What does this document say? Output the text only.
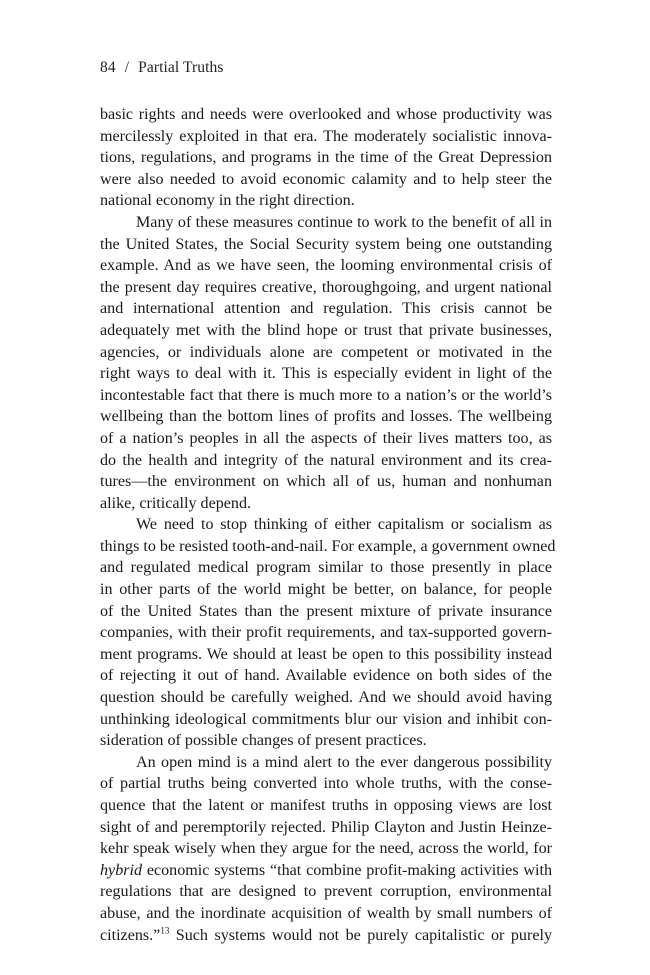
84 / Partial Truths
basic rights and needs were overlooked and whose productivity was
mercilessly exploited in that era. The moderately socialistic innova-
tions, regulations, and programs in the time of the Great Depression
were also needed to avoid economic calamity and to help steer the
national economy in the right direction.
Many of these measures continue to work to the benefit of all in
the United States, the Social Security system being one outstanding
example. And as we have seen, the looming environmental crisis of
the present day requires creative, thoroughgoing, and urgent national
and international attention and regulation. This crisis cannot be
adequately met with the blind hope or trust that private businesses,
agencies, or individuals alone are competent or motivated in the
right ways to deal with it. This is especially evident in light of the
incontestable fact that there is much more to a nation’s or the world’s
wellbeing than the bottom lines of profits and losses. The wellbeing
of a nation’s peoples in all the aspects of their lives matters too, as
do the health and integrity of the natural environment and its crea-
tures—the environment on which all of us, human and nonhuman
alike, critically depend.
We need to stop thinking of either capitalism or socialism as
things to be resisted tooth-and-nail. For example, a government owned
and regulated medical program similar to those presently in place
in other parts of the world might be better, on balance, for people
of the United States than the present mixture of private insurance
companies, with their profit requirements, and tax-supported govern-
ment programs. We should at least be open to this possibility instead
of rejecting it out of hand. Available evidence on both sides of the
question should be carefully weighed. And we should avoid having
unthinking ideological commitments blur our vision and inhibit con-
sideration of possible changes of present practices.
An open mind is a mind alert to the ever dangerous possibility
of partial truths being converted into whole truths, with the conse-
quence that the latent or manifest truths in opposing views are lost
sight of and peremptorily rejected. Philip Clayton and Justin Heinze-
kehr speak wisely when they argue for the need, across the world, for
hybrid economic systems “that combine profit-making activities with
regulations that are designed to prevent corruption, environmental
abuse, and the inordinate acquisition of wealth by small numbers of
citizens.”$^{13}$ Such systems would not be purely capitalistic or purely
